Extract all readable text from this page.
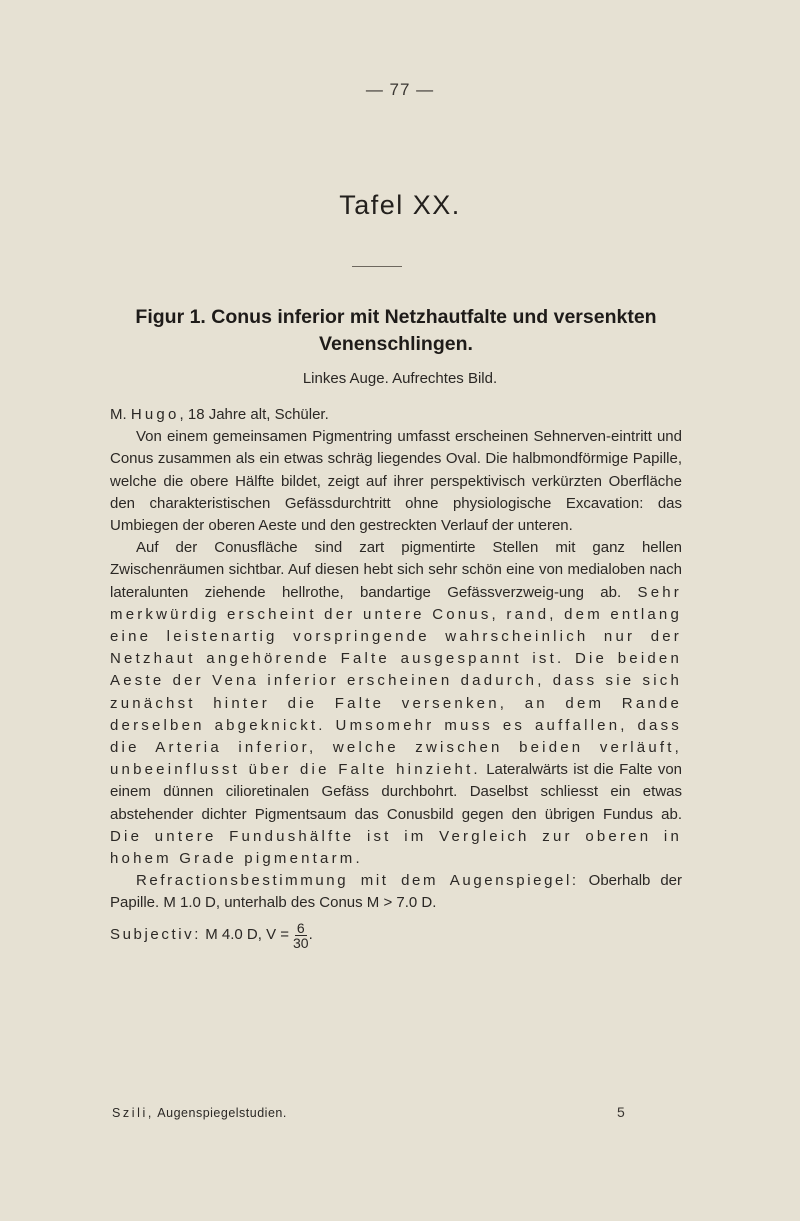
— 77 —
Tafel XX.
Figur 1. Conus inferior mit Netzhautfalte und versenkten Venenschlingen.
Linkes Auge. Aufrechtes Bild.

M. Hugo, 18 Jahre alt, Schüler.

Von einem gemeinsamen Pigmentring umfasst erscheinen Sehnerven-eintritt und Conus zusammen als ein etwas schräg liegendes Oval. Die halbmondförmige Papille, welche die obere Hälfte bildet, zeigt auf ihrer perspektivisch verkürzten Oberfläche den charakteristischen Gefässdurchtritt ohne physiologische Excavation: das Umbiegen der oberen Aeste und den gestreckten Verlauf der unteren.

Auf der Conusfläche sind zart pigmentirte Stellen mit ganz hellen Zwischenräumen sichtbar. Auf diesen hebt sich sehr schön eine von medialoben nach lateralunten ziehende hellrothe, bandartige Gefässverzweig-ung ab. Sehr merkwürdig erscheint der untere Conus, rand, dem entlang eine leistenartig vorspringende wahrscheinlich nur der Netzhaut angehörende Falte ausgespannt ist. Die beiden Aeste der Vena inferior erscheinen dadurch, dass sie sich zunächst hinter die Falte versenken, an dem Rande derselben abgeknickt. Umsomehr muss es auffallen, dass die Arteria inferior, welche zwischen beiden verläuft, unbeeinflusst über die Falte hinzieht. Lateralwärts ist die Falte von einem dünnen cilioretinalen Gefäss durchbohrt. Daselbst schliesst ein etwas abstehender dichter Pigmentsaum das Conusbild gegen den übrigen Fundus ab. Die untere Fundushälfte ist im Vergleich zur oberen in hohem Grade pigmentarm.

Refractionsbestimmung mit dem Augenspiegel: Oberhalb der Papille. M 1.0 D, unterhalb des Conus M > 7.0 D.

Subjectiv:
M 4.0 D, $V = \frac{6}{30}$ .
Szili, Augenspiegelstudien.	5
